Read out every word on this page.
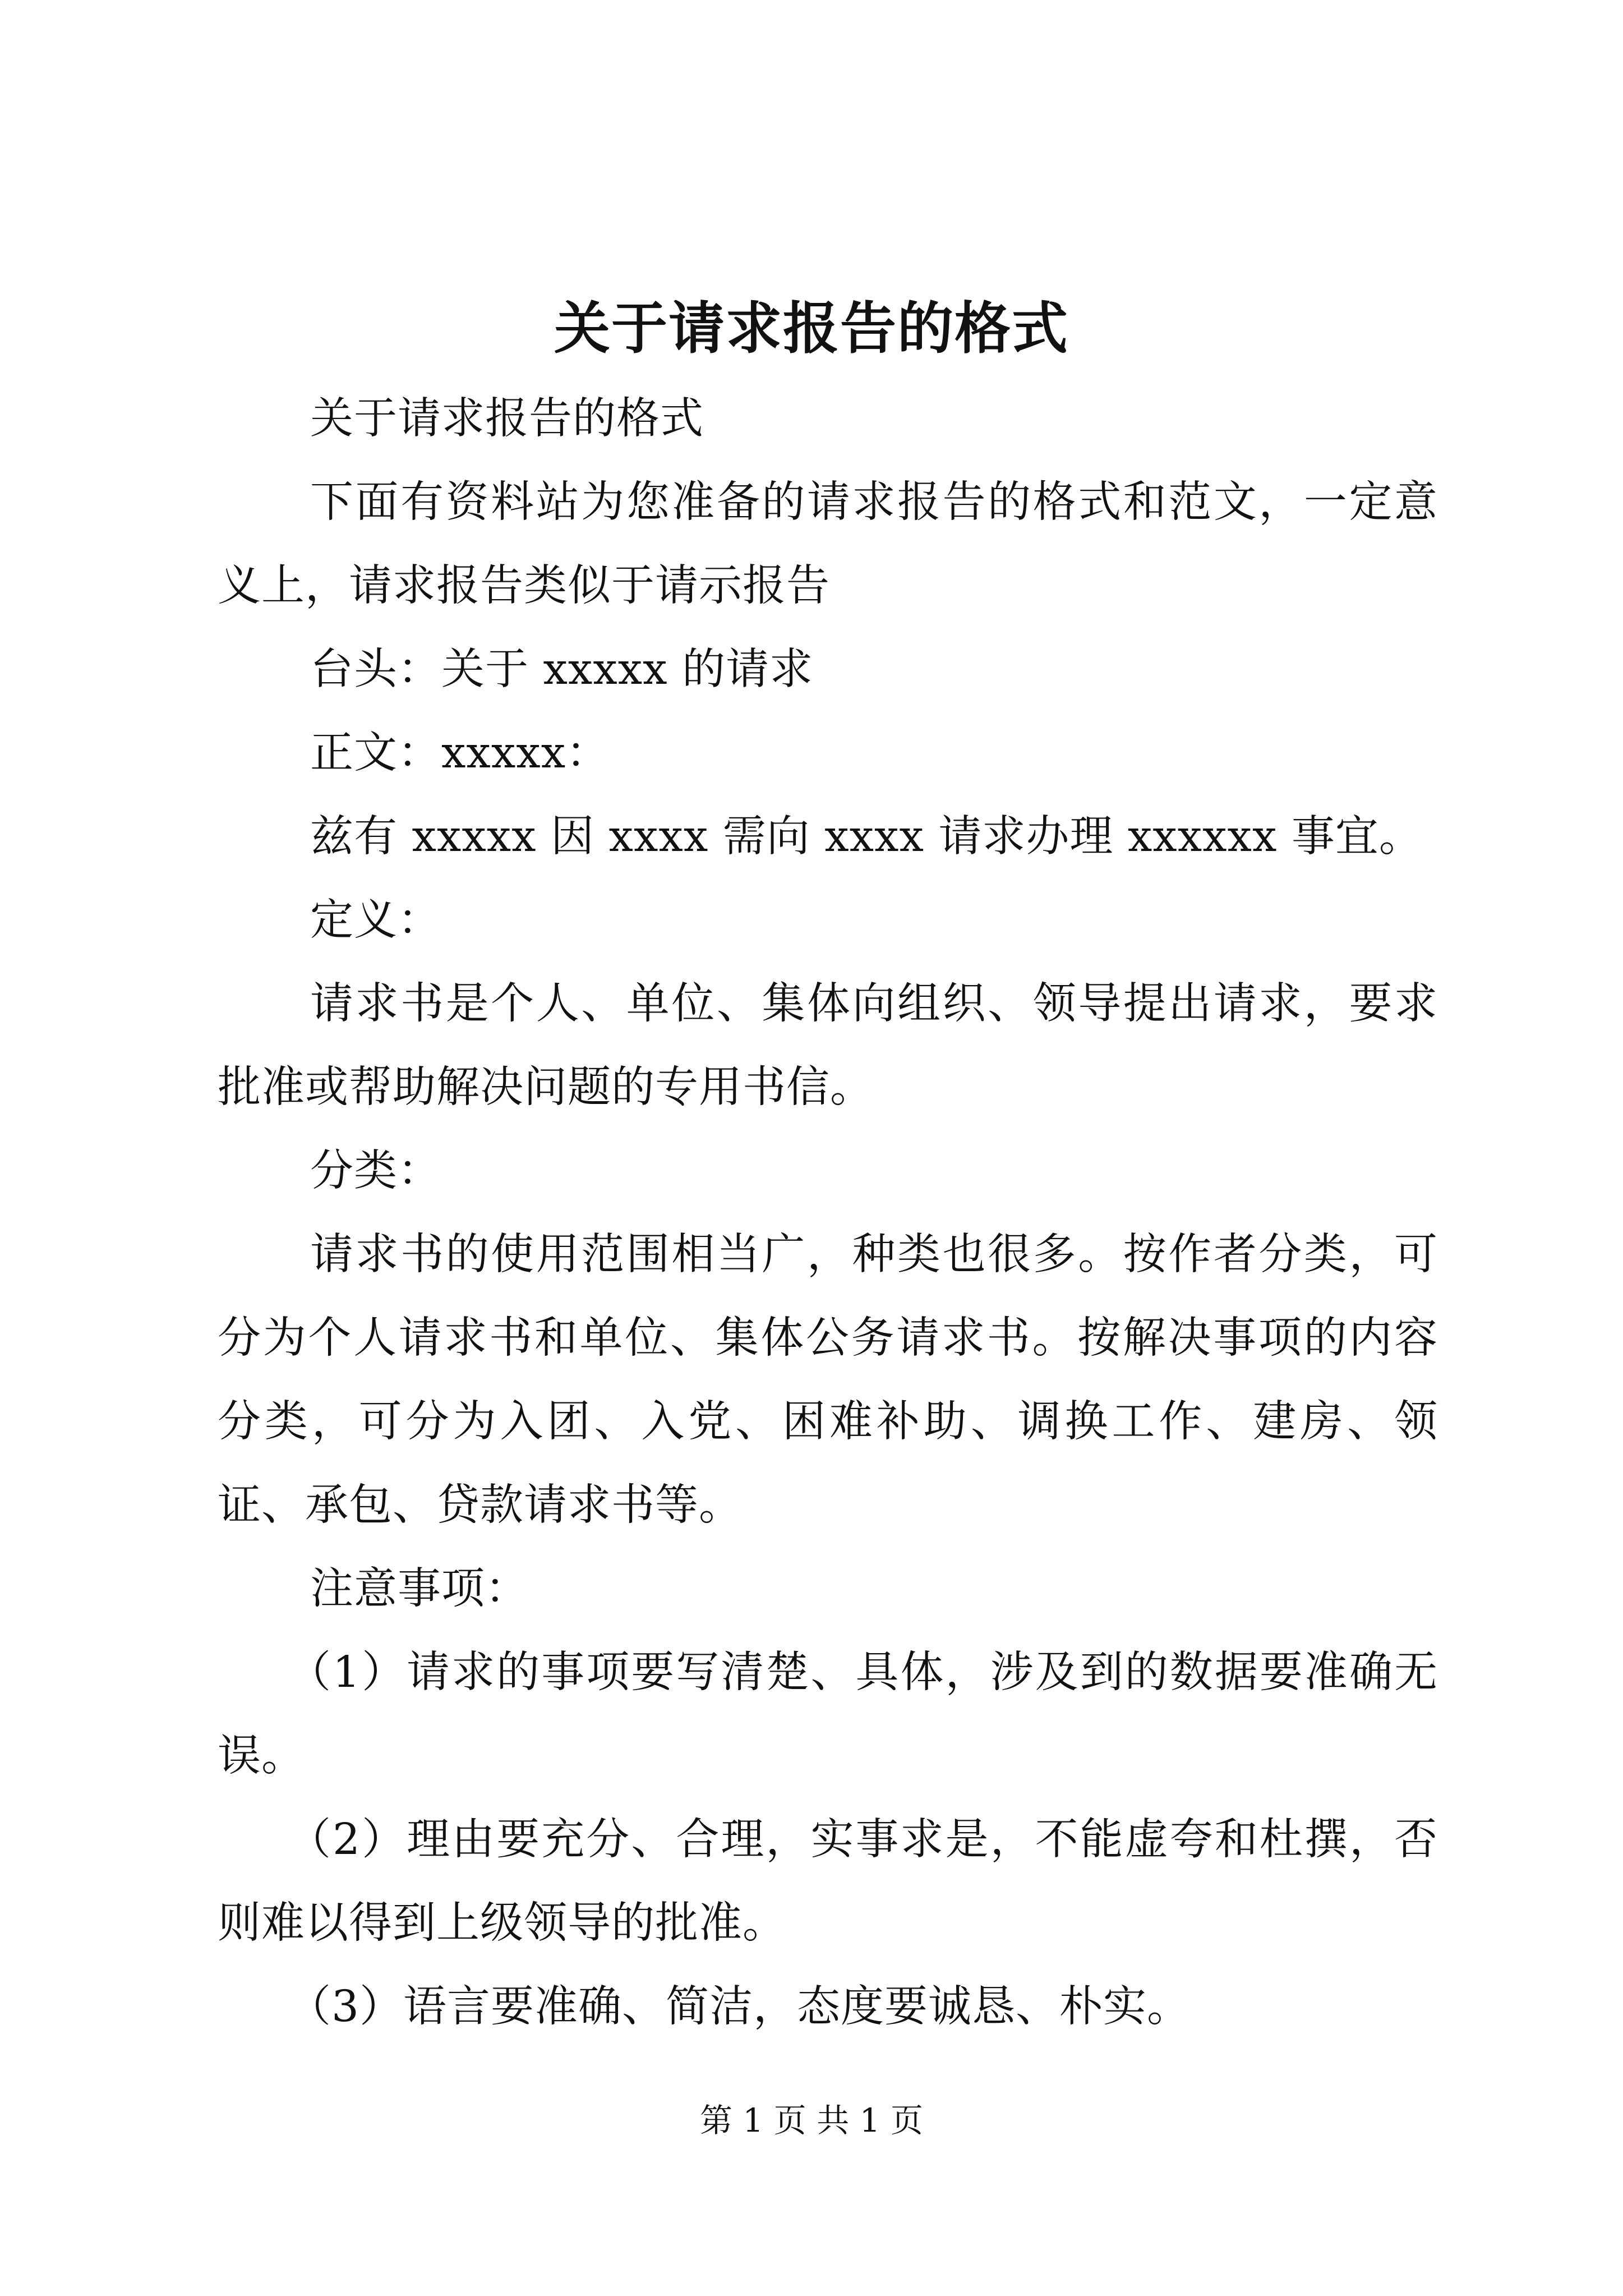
关于请求报告的格式

关于请求报告的格式

下面有资料站为您准备的请求报告的格式和范文，一定意义上，请求报告类似于请示报告

台头：关于 xxxxx 的请求

正文：xxxxx：

兹有 xxxxx 因 xxxx 需向 xxxx 请求办理 xxxxxx 事宜。

定义：

请求书是个人、单位、集体向组织、领导提出请求，要求批准或帮助解决问题的专用书信。

分类：

请求书的使用范围相当广，种类也很多。按作者分类，可分为个人请求书和单位、集体公务请求书。按解决事项的内容分类，可分为入团、入党、困难补助、调换工作、建房、领证、承包、贷款请求书等。

注意事项：

（1）请求的事项要写清楚、具体，涉及到的数据要准确无误。

（2）理由要充分、合理，实事求是，不能虚夸和杜撰，否则难以得到上级领导的批准。

（3）语言要准确、简洁，态度要诚恳、朴实。

第 1 页 共 1 页
